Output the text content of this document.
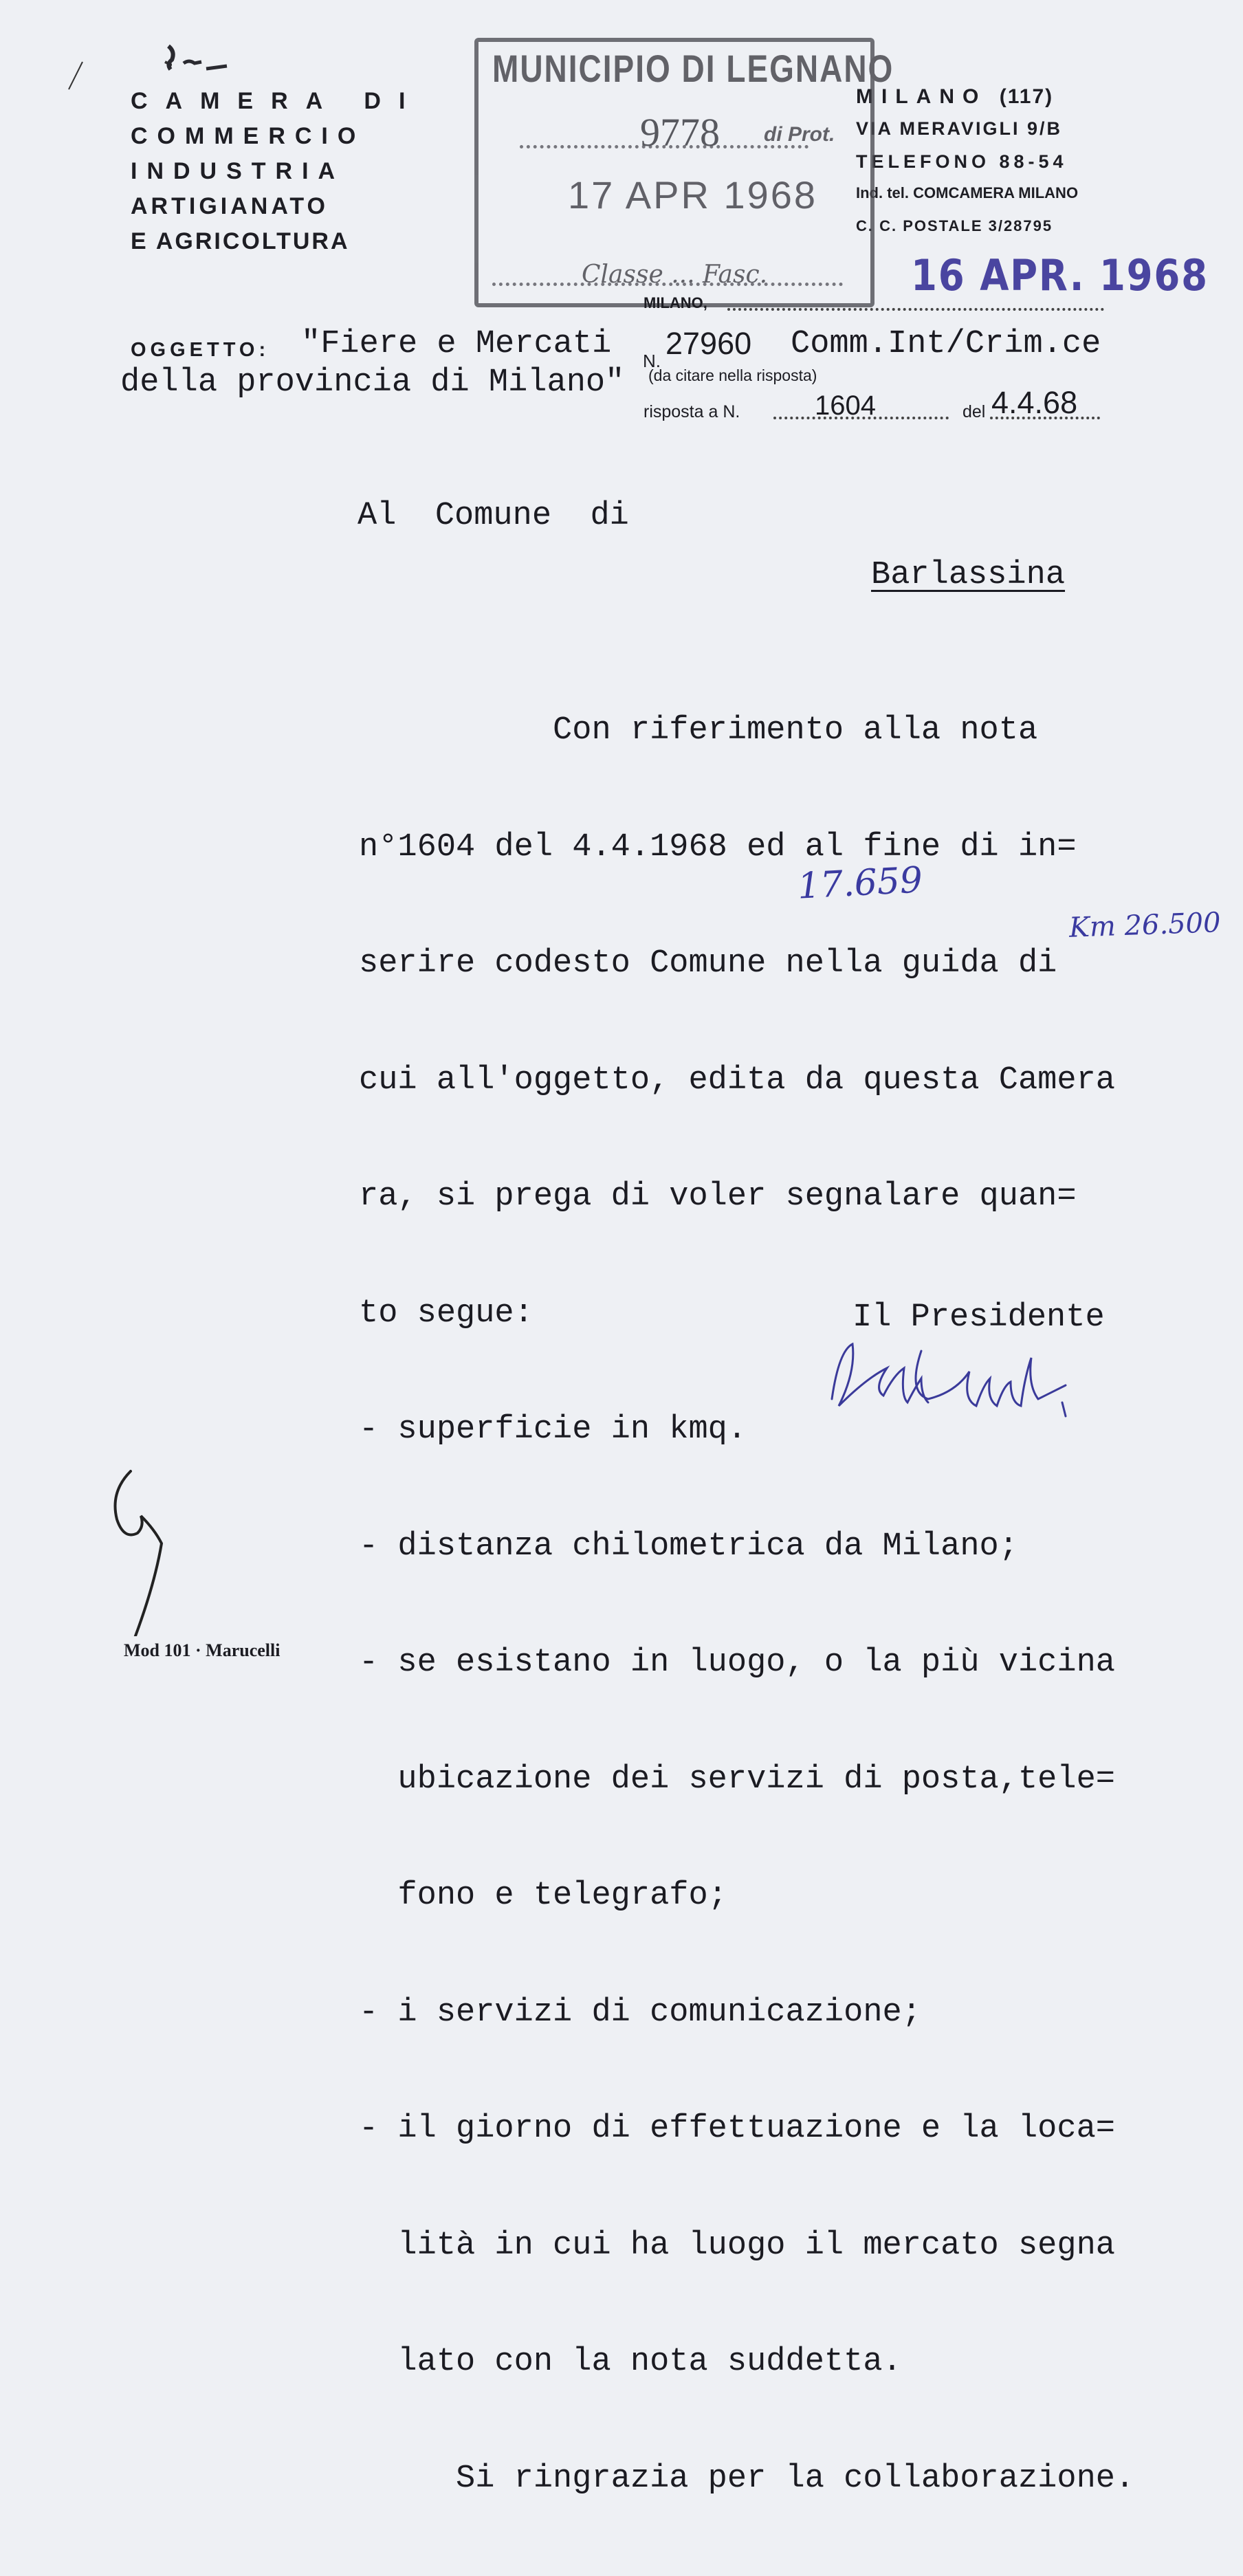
CAMERA DI
COMMERCIO
INDUSTRIA
ARTIGIANATO
E AGRICOLTURA
MILANO (117)
VIA MERAVIGLI 9/B
TELEFONO 88-54
Ind. tel. COMCAMERA MILANO
C. C. POSTALE 3/28795
MUNICIPIO DI LEGNANO
9778 di Prot.
17 APR 1968
Classe ... Fasc.	16 APR. 1968
MILANO,
OGGETTO: "Fiere e Mercati
della provincia di Milano"
N. 27960 Comm.Int/Crim.ce
(da citare nella risposta)
risposta a N.	1604	del 4.4.68
Al  Comune  di
Barlassina

Con riferimento alla nota

n°1604 del 4.4.1968 ed al fine di in=

serire codesto Comune nella guida di

cui all'oggetto, edita da questa Camera

ra, si prega di voler segnalare quan=

to segue:

- superficie in kmq.

- distanza chilometrica da Milano;

- se esistano in luogo, o la più vicina

ubicazione dei servizi di posta,tele=

fono e telegrafo;

- i servizi di comunicazione;

- il giorno di effettuazione e la loca=

lità in cui ha luogo il mercato segna

lato con la nota suddetta.

Si ringrazia per la collaborazione.

17.659
Km 26.500
Il Presidente
Mod 101 · Marucelli
